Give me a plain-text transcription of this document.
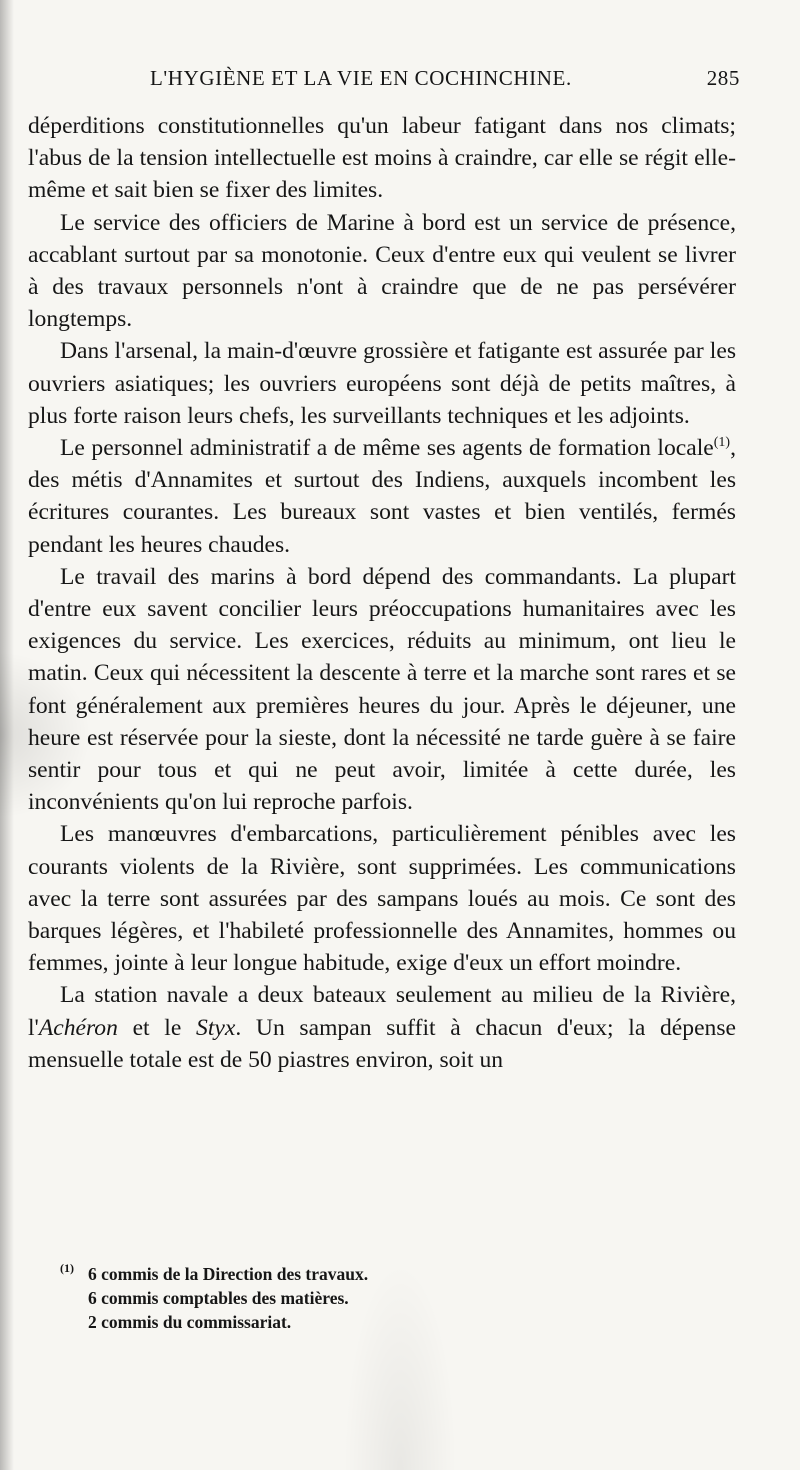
L'HYGIÈNE ET LA VIE EN COCHINCHINE.	285

déperditions constitutionnelles qu'un labeur fatigant dans nos climats; l'abus de la tension intellectuelle est moins à craindre, car elle se régit elle-même et sait bien se fixer des limites.

Le service des officiers de Marine à bord est un service de présence, accablant surtout par sa monotonie. Ceux d'entre eux qui veulent se livrer à des travaux personnels n'ont à craindre que de ne pas persévérer longtemps.

Dans l'arsenal, la main-d'œuvre grossière et fatigante est assurée par les ouvriers asiatiques; les ouvriers européens sont déjà de petits maîtres, à plus forte raison leurs chefs, les surveillants techniques et les adjoints.

Le personnel administratif a de même ses agents de formation locale$^{(1)}$, des métis d'Annamites et surtout des Indiens, auxquels incombent les écritures courantes. Les bureaux sont vastes et bien ventilés, fermés pendant les heures chaudes.

Le travail des marins à bord dépend des commandants. La plupart d'entre eux savent concilier leurs préoccupations humanitaires avec les exigences du service. Les exercices, réduits au minimum, ont lieu le matin. Ceux qui nécessitent la descente à terre et la marche sont rares et se font généralement aux premières heures du jour. Après le déjeuner, une heure est réservée pour la sieste, dont la nécessité ne tarde guère à se faire sentir pour tous et qui ne peut avoir, limitée à cette durée, les inconvénients qu'on lui reproche parfois.

Les manœuvres d'embarcations, particulièrement pénibles avec les courants violents de la Rivière, sont supprimées. Les communications avec la terre sont assurées par des sampans loués au mois. Ce sont des barques légères, et l'habileté professionnelle des Annamites, hommes ou femmes, jointe à leur longue habitude, exige d'eux un effort moindre.

La station navale a deux bateaux seulement au milieu de la Rivière, l'Achéron et le Styx. Un sampan suffit à chacun d'eux; la dépense mensuelle totale est de 50 piastres environ, soit un

(1) 6 commis de la Direction des travaux.

6 commis comptables des matières.

2 commis du commissariat.
